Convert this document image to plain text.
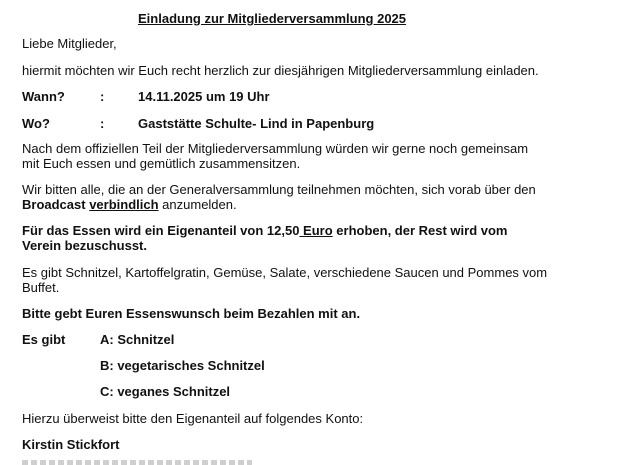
Einladung zur Mitgliederversammlung 2025
Liebe Mitglieder,
hiermit möchten wir Euch recht herzlich zur diesjährigen Mitgliederversammlung einladen.
Wann?	:	14.11.2025 um 19 Uhr
Wo?	:	Gaststätte Schulte- Lind in Papenburg
Nach dem offiziellen Teil der Mitgliederversammlung würden wir gerne noch gemeinsam
mit Euch essen und gemütlich zusammensitzen.
Wir bitten alle, die an der Generalversammlung teilnehmen möchten, sich vorab über den
Broadcast verbindlich anzumelden.
Für das Essen wird ein Eigenanteil von 12,50 Euro erhoben, der Rest wird vom
Verein bezuschusst.
Es gibt Schnitzel, Kartoffelgratin, Gemüse, Salate, verschiedene Saucen und Pommes vom
Buffet.
Bitte gebt Euren Essenswunsch beim Bezahlen mit an.
Es gibt	A: Schnitzel
B: vegetarisches Schnitzel
C: veganes Schnitzel
Hierzu überweist bitte den Eigenanteil auf folgendes Konto:
Kirstin Stickfort
